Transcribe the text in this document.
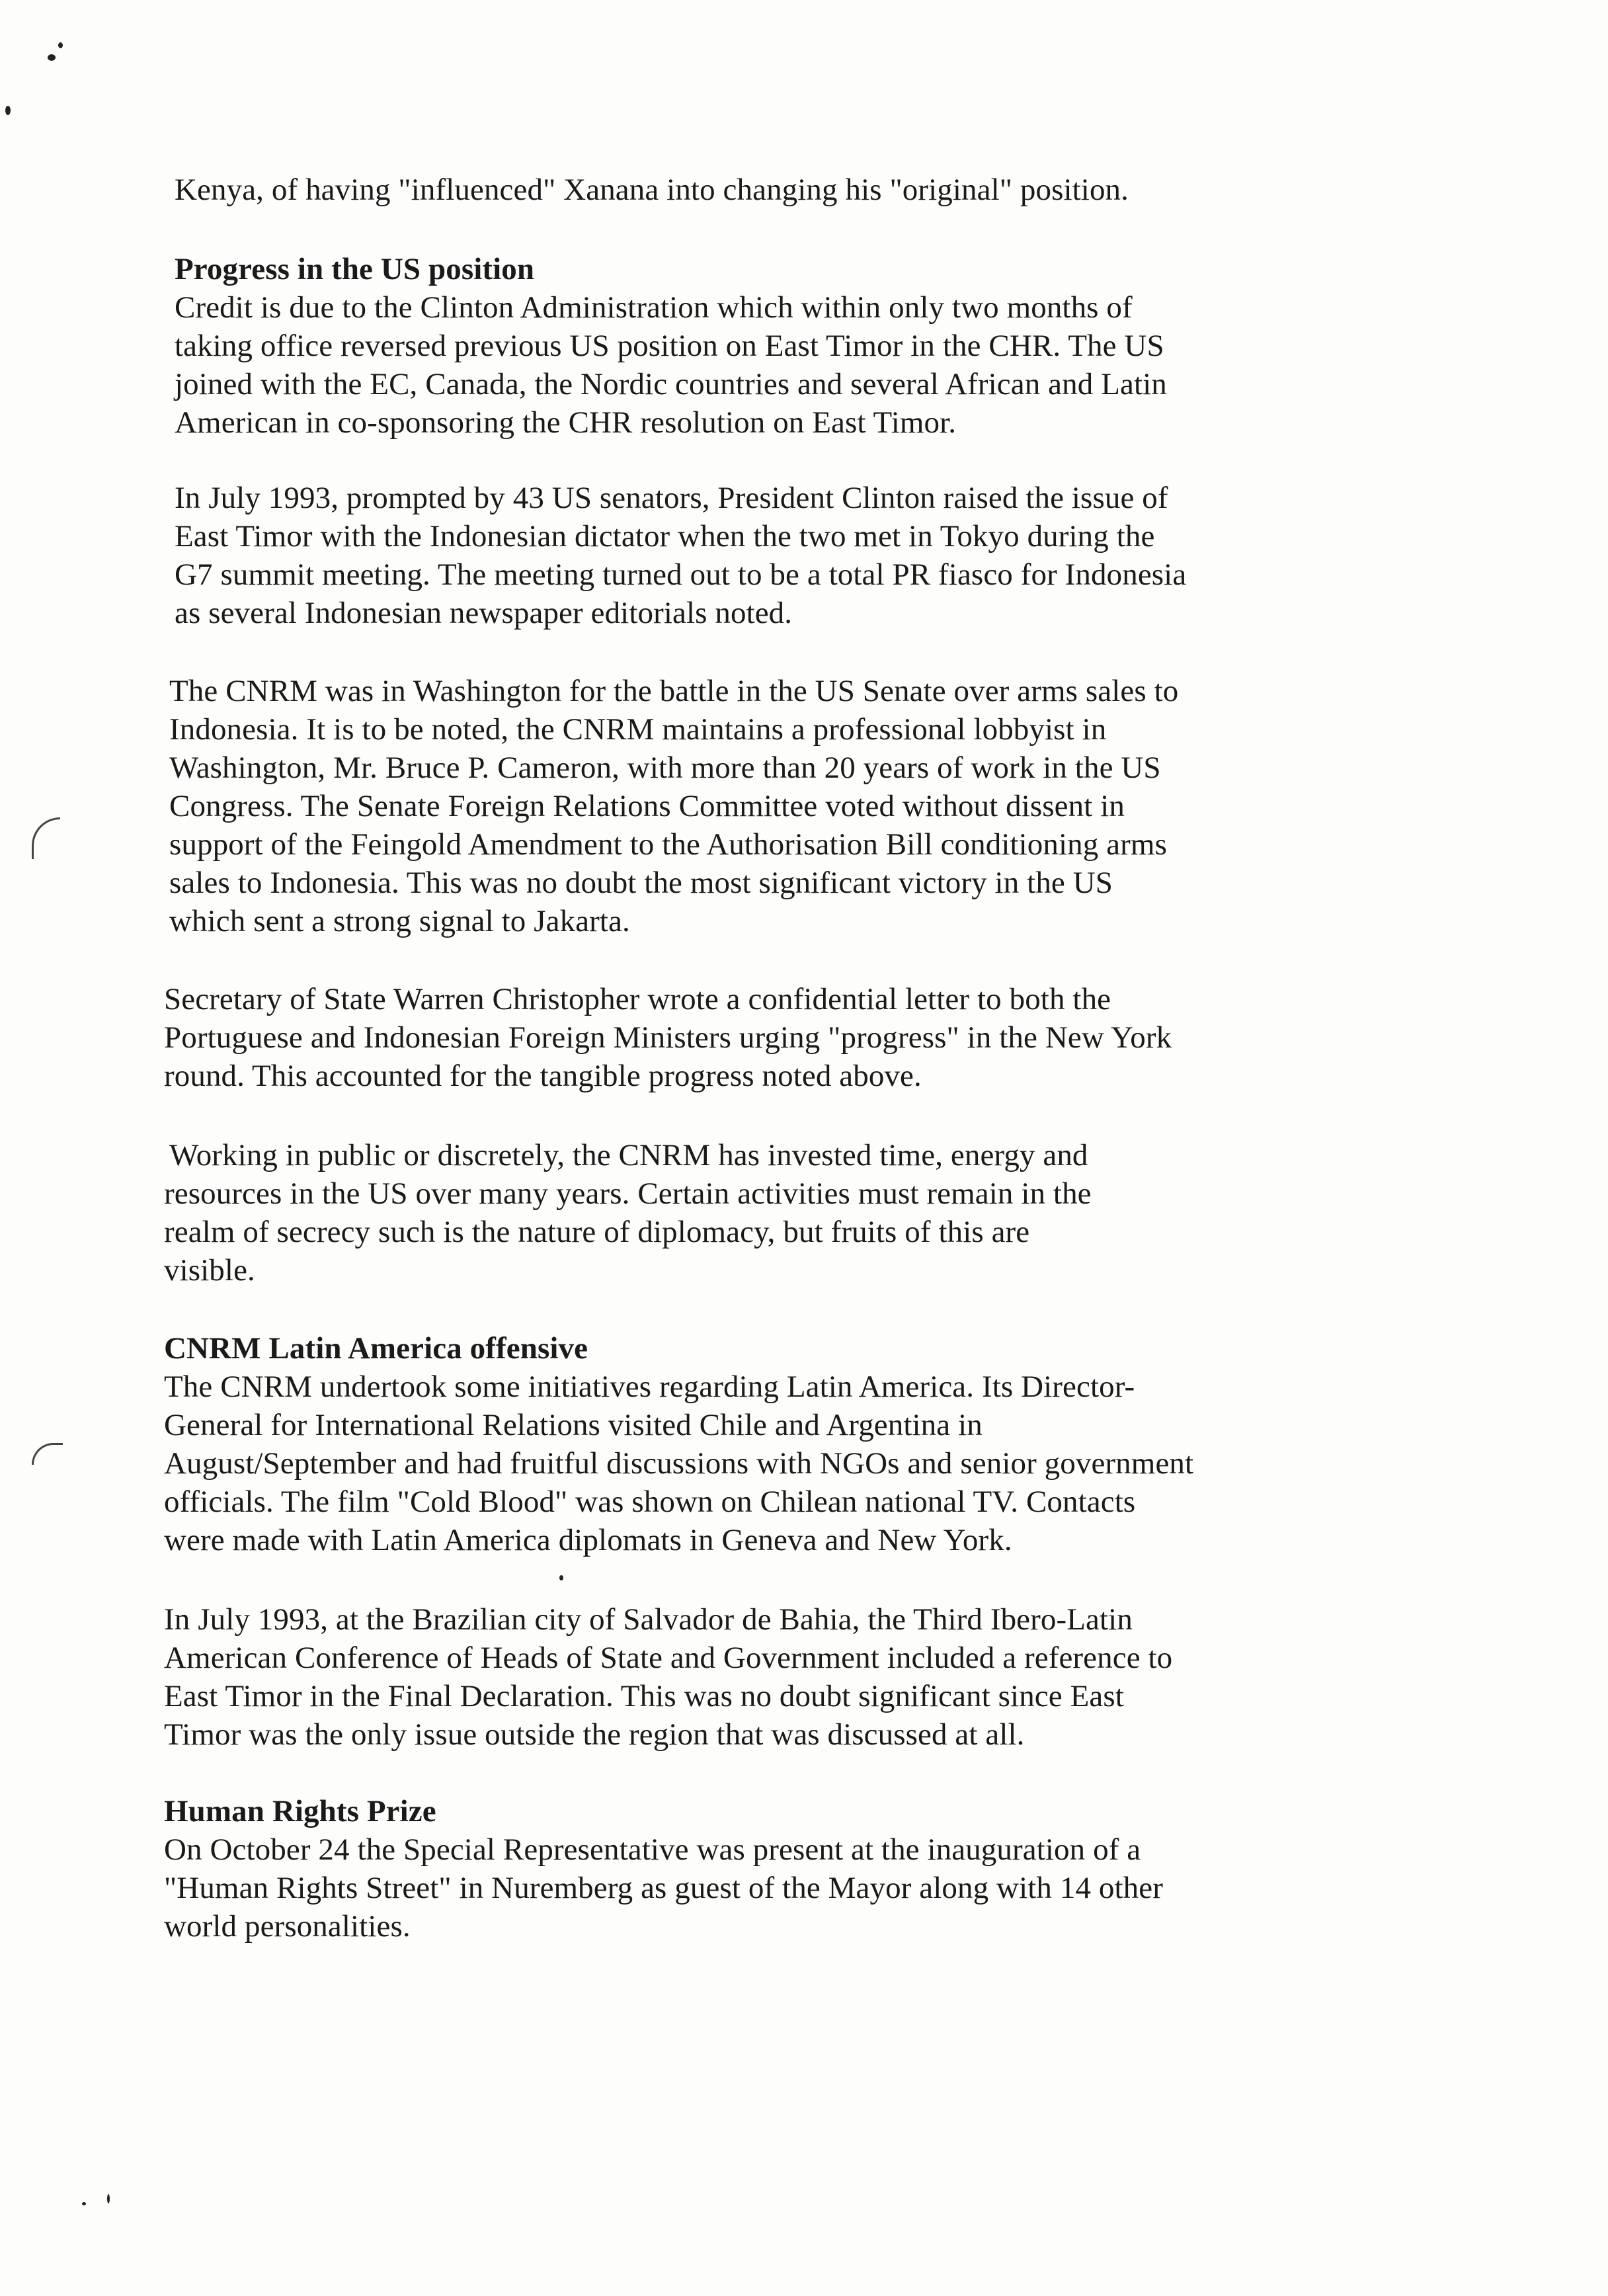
Kenya, of having "influenced" Xanana into changing his "original" position.
Progress in the US position
Credit is due to the Clinton Administration which within only two months of
taking office reversed previous US position on East Timor in the CHR. The US
joined with the EC, Canada, the Nordic countries and several African and Latin
American in co-sponsoring the CHR resolution on East Timor.
In July 1993, prompted by 43 US senators, President Clinton raised the issue of
East Timor with the Indonesian dictator when the two met in Tokyo during the
G7 summit meeting. The meeting turned out to be a total PR fiasco for Indonesia
as several Indonesian newspaper editorials noted.
The CNRM was in Washington for the battle in the US Senate over arms sales to
Indonesia. It is to be noted, the CNRM maintains a professional lobbyist in
Washington, Mr. Bruce P. Cameron, with more than 20 years of work in the US
Congress. The Senate Foreign Relations Committee voted without dissent in
support of the Feingold Amendment to the Authorisation Bill conditioning arms
sales to Indonesia. This was no doubt the most significant victory in the US
which sent a strong signal to Jakarta.
Secretary of State Warren Christopher wrote a confidential letter to both the
Portuguese and Indonesian Foreign Ministers urging "progress" in the New York
round. This accounted for the tangible progress noted above.
Working in public or discretely, the CNRM has invested time, energy and
resources in the US over many years. Certain activities must remain in the
realm of secrecy such is the nature of diplomacy, but fruits of this are
visible.
CNRM Latin America offensive
The CNRM undertook some initiatives regarding Latin America. Its Director-
General for International Relations visited Chile and Argentina in
August/September and had fruitful discussions with NGOs and senior government
officials. The film "Cold Blood" was shown on Chilean national TV. Contacts
were made with Latin America diplomats in Geneva and New York.
In July 1993, at the Brazilian city of Salvador de Bahia, the Third Ibero-Latin
American Conference of Heads of State and Government included a reference to
East Timor in the Final Declaration. This was no doubt significant since East
Timor was the only issue outside the region that was discussed at all.
Human Rights Prize
On October 24 the Special Representative was present at the inauguration of a
"Human Rights Street" in Nuremberg as guest of the Mayor along with 14 other
world personalities.
